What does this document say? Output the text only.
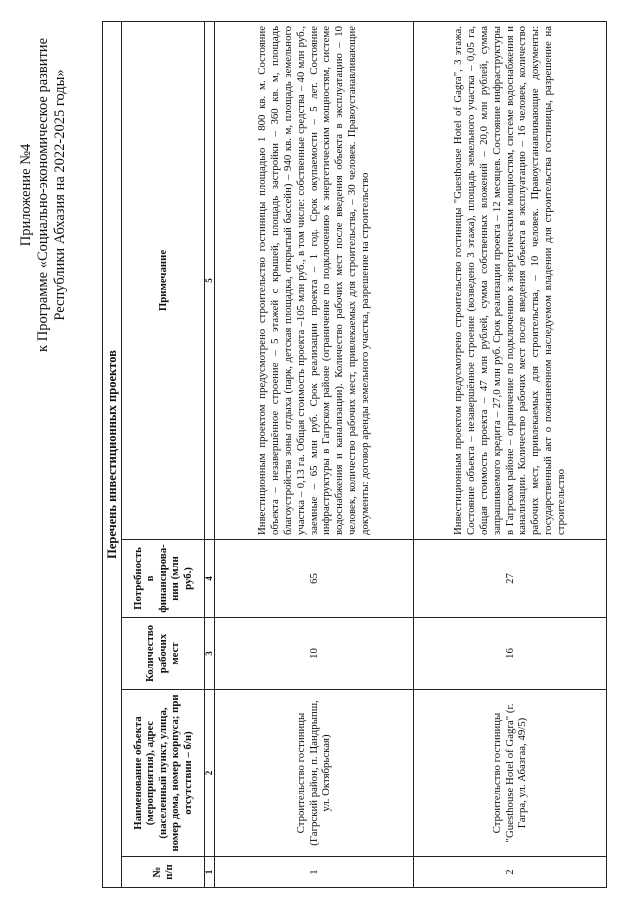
Приложение №4 к Программе «Социально-экономическое развитие Республики Абхазия на 2022-2025 годы»
Перечень инвестиционных проектов				
№ п/п	Наименование объекта (мероприятия), адрес (населенный пункт, улица, номер дома, номер корпуса; при отсутствии – б/н)	Количество рабочих мест	Потребность в финансирова-нии (млн руб.)	Примечание
1	2	3	4	5
1	Строительство гостиницы (Гагрский район, п. Цандрыпш, ул. Октябрьская)	10	65	Инвестиционным проектом предусмотрено строительство гостиницы площадью 1 800 кв. м. Состояние объекта – незавершённое строение – 5 этажей с крышей, площадь застройки – 360 кв. м, площадь благоустройства зоны отдыха (парк, детская площадка, открытый бассейн) – 940 кв. м, площадь земельного участка – 0,13 га. Общая стоимость проекта –105 млн руб., в том числе: собственные средства – 40 млн руб., заемные – 65 млн руб. Срок реализации проекта – 1 год. Срок окупаемости – 5 лет. Состояние инфраструктуры в Гагрском районе (ограничение по подключению к энергетическим мощностям, системе водоснабжения и канализации). Количество рабочих мест после введения объекта в эксплуатацию – 10 человек, количество рабочих мест, привлекаемых для строительства, – 30 человек. Правоустанавливающие документы: договор аренды земельного участка, разрешение на строительство
2	Строительство гостиницы "Guesthouse Hotel of Gagra" (г. Гагра, ул. Абазгаа, 49/5)	16	27	Инвестиционным проектом предусмотрено строительство гостиницы "Guesthouse Hotel of Gagra", 3 этажа. Состояние объекта – незавершённое строение (возведено 3 этажа), площадь земельного участка – 0,05 га, общая стоимость проекта – 47 млн рублей, сумма собственных вложений – 20,0 млн рублей, сумма запрашиваемого кредита – 27,0 млн руб. Срок реализации проекта – 12 месяцев. Состояние инфраструктуры в Гагрском районе – ограничение по подключению к энергетическим мощностям, системе водоснабжения и канализации. Количество рабочих мест после введения объекта в эксплуатацию – 16 человек, количество рабочих мест, привлекаемых для строительства, – 10 человек. Правоустанавливающие документы: государственный акт о пожизненном наследуемом владении для строительства гостиницы, разрешение на строительство
